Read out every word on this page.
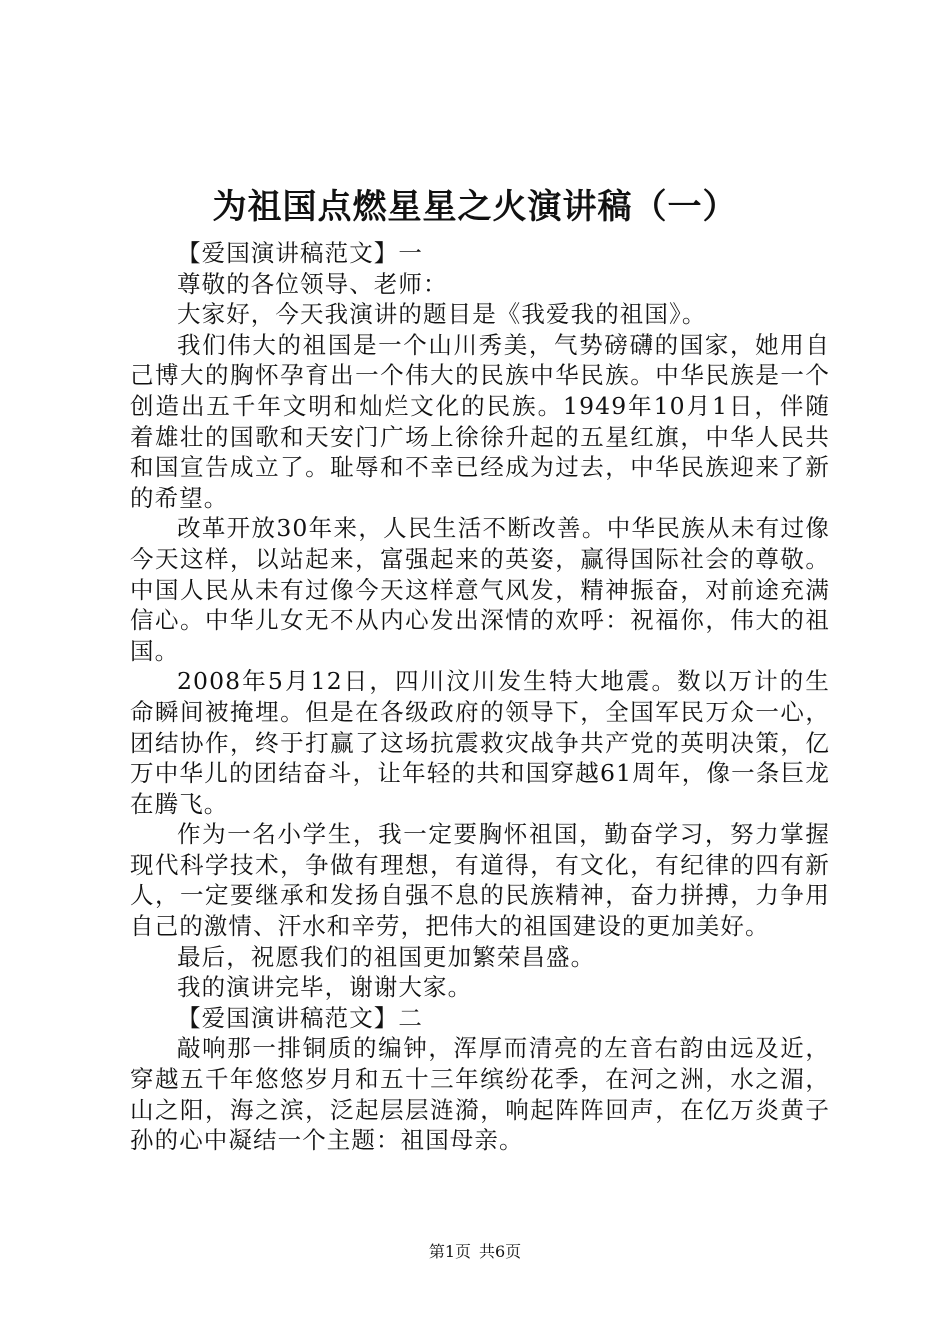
为祖国点燃星星之火演讲稿（一）

【爱国演讲稿范文】一

尊敬的各位领导、老师：

大家好，今天我演讲的题目是《我爱我的祖国》。

我们伟大的祖国是一个山川秀美，气势磅礴的国家，她用自己博大的胸怀孕育出一个伟大的民族中华民族。中华民族是一个创造出五千年文明和灿烂文化的民族。1949年10月1日，伴随着雄壮的国歌和天安门广场上徐徐升起的五星红旗，中华人民共和国宣告成立了。耻辱和不幸已经成为过去，中华民族迎来了新的希望。

改革开放30年来，人民生活不断改善。中华民族从未有过像今天这样，以站起来，富强起来的英姿，赢得国际社会的尊敬。中国人民从未有过像今天这样意气风发，精神振奋，对前途充满信心。中华儿女无不从内心发出深情的欢呼：祝福你，伟大的祖国。

2008年5月12日，四川汶川发生特大地震。数以万计的生命瞬间被掩埋。但是在各级政府的领导下，全国军民万众一心，团结协作，终于打赢了这场抗震救灾战争共产党的英明决策，亿万中华儿的团结奋斗，让年轻的共和国穿越61周年，像一条巨龙在腾飞。

作为一名小学生，我一定要胸怀祖国，勤奋学习，努力掌握现代科学技术，争做有理想，有道得，有文化，有纪律的四有新人，一定要继承和发扬自强不息的民族精神，奋力拼搏，力争用自己的激情、汗水和辛劳，把伟大的祖国建设的更加美好。

最后，祝愿我们的祖国更加繁荣昌盛。

我的演讲完毕，谢谢大家。

【爱国演讲稿范文】二

敲响那一排铜质的编钟，浑厚而清亮的左音右韵由远及近，穿越五千年悠悠岁月和五十三年缤纷花季，在河之洲，水之湄，山之阳，海之滨，泛起层层涟漪，响起阵阵回声，在亿万炎黄子孙的心中凝结一个主题：祖国母亲。

第1页 共6页
